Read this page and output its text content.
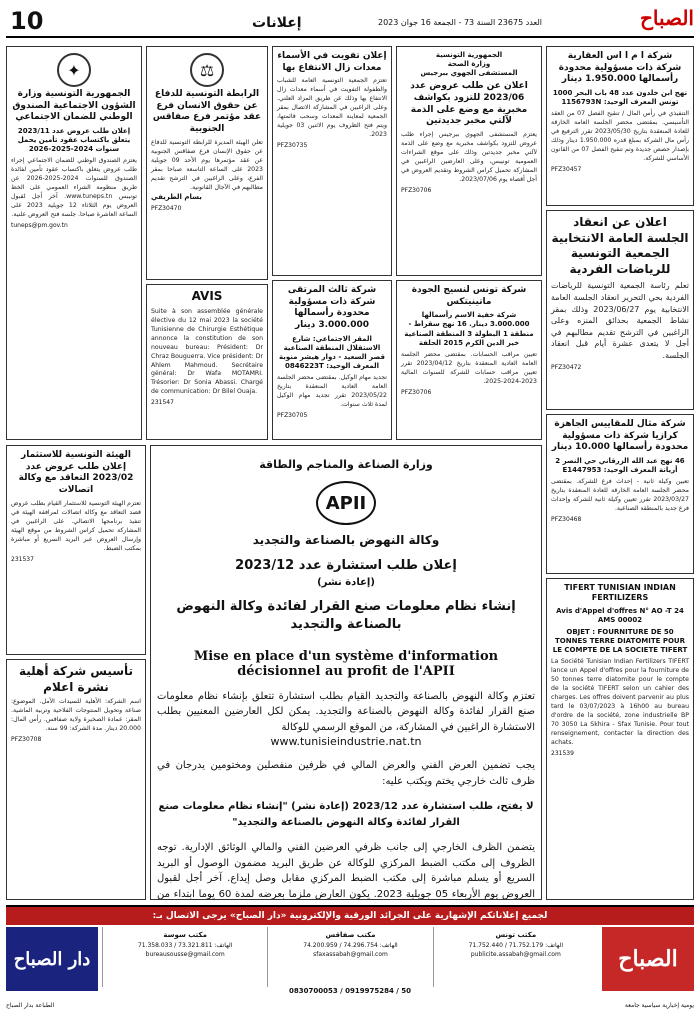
10	إعلانات	العدد 23675 السنة 73 - الجمعة 16 جوان 2023	الصباح
شركة ا م ا اس العقارية
شركة ذات مسؤولية محدودة رأسمالها 1.950.000 دينار
نهج ابن خلدون عدد 48 باب البحر 1000 تونس المعرف الوحيد: 1156793N
التنفيذي في رأس المال / تنقيح الفصل 07 من العقد التأسيسي. بمقتضى محضر الجلسة العامة الخارقة للعادة المنعقدة بتاريخ 2023/05/30 تقرر الترفيع في رأس مال الشركة بمبلغ قدره 1.950.000 دينار وذلك بإصدار حصص جديدة وتم تنقيح الفصل 07 من القانون الأساسي للشركة.
PFZ30457
اعلان عن انعقاد الجلسة العامة الانتخابية الجمعية التونسية للرياضات الفردية
تعلم رئاسة الجمعية التونسية للرياضات الفردية بحي التحرير انعقاد الجلسة العامة الانتخابية يوم 2023/06/27 وذلك بمقر نشاط الجمعية بحدائق المنزه وعلى الراغبين في الترشح تقديم مطالبهم في أجل لا يتعدى عشرة أيام قبل انعقاد الجلسة.
PFZ30472
شركة مثال للمقاييس الجاهزة كرازيا شركة ذات مسؤولية محدودة رأسمالها 10.000 دينار
46 نهج عبد الله الزرقاني حي النصر 2 أريانة المعرف الوحيد: E1447953
تعيين وكيلة ثانية - إحداث فرع للشركة. بمقتضى محضر الجلسة العامة الخارقة للعادة المنعقدة بتاريخ 2023/03/27 تقرر تعيين وكيلة ثانية للشركة وإحداث فرع جديد بالمنطقة الصناعية.
PFZ30468
TIFERT TUNISIAN INDIAN FERTILIZERS
Avis d'Appel d'offres N° AO -T 24 AMS 00002
OBJET : FOURNITURE DE 50 TONNES TERRE DIATOMITE POUR LE COMPTE DE LA SOCIETE TIFERT
La Société Tunisian Indian Fertilizers TIFERT lance un Appel d'offres pour la fourniture de 50 tonnes terre diatomite pour le compte de la société TIFERT selon un cahier des charges. Les offres doivent parvenir au plus tard le 03/07/2023 à 16h00 au bureau d'ordre de la société, zone industrielle BP 70 3050 La Skhira - Sfax Tunisie. Pour tout renseignement, contacter la direction des achats.
231539
الجمهورية التونسية
وزارة الصحة
المستشفى الجهوي ببرجيس
اعلان عن طلب عروض عدد 2023/06 للتزود بكواشف مخبرية مع وضع على الذمة لآلتي مخبر جديدتين
يعتزم المستشفى الجهوي ببرجيس إجراء طلب عروض للتزود بكواشف مخبرية مع وضع على الذمة لآلتي مخبر جديدتين وذلك على موقع الشراءات العمومية تونيبس، وعلى العارضين الراغبين في المشاركة تحميل كراس الشروط وتقديم العروض في أجل أقصاه يوم 2023/07/06.
PFZ30706
شركة تونس لنسيج الجودة ماتينيتكس
شركة خفية الاسم رأسمالها 3.000.000 دينار. 16 نهج سقراط - منطقة 1 البطولة 3 المنطقة الصناعية خير الدين الكرم 2015 الحلفة
تعيين مراقب الحسابات. بمقتضى محضر الجلسة العامة العادية المنعقدة بتاريخ 2023/04/12 تقرر تعيين مراقب حسابات للشركة للسنوات المالية 2023-2024-2025.
PFZ30706
إعلان تفويت في الأسماء معدات زال الانتفاع بها
تعتزم الجمعية التونسية العامة للشباب والطفولة التفويت في أسماء معدات زال الانتفاع بها وذلك عن طريق المزاد العلني. وعلى الراغبين في المشاركة الاتصال بمقر الجمعية لمعاينة المعدات وسحب قائمتها، ويتم فتح الظروف يوم الاثنين 03 جويلية 2023.
PFZ30735
شركة ثالث المرتقى شركة ذات مسؤولية محدودة رأسمالها 3.000.000 دينار
المقر الاجتماعي: شارع الاستقلال المنطقة الصناعية قصر السعيد - دوار هيشر منوبة المعرف الوحيد: 0846223T
تجديد مهام الوكيل. بمقتضى محضر الجلسة العامة العادية المنعقدة بتاريخ 2023/05/22 تقرر تجديد مهام الوكيل لمدة ثلاث سنوات.
PFZ30705
⚖
الرابطة التونسية للدفاع عن حقوق الانسان فرع عقد مؤتمر فرع صفاقس الجنوبية
تعلن الهيئة المديرة للرابطة التونسية للدفاع عن حقوق الإنسان فرع صفاقس الجنوبية عن عقد مؤتمرها يوم الأحد 09 جويلية 2023 على الساعة التاسعة صباحا بمقر الفرع، وعلى الراغبين في الترشح تقديم مطالبهم في الآجال القانونية.
بسام الطريفي
PFZ30470
AVIS
Suite à son assemblée générale élective du 12 mai 2023 la société Tunisienne de Chirurgie Esthétique annonce la constitution de son nouveau bureau: Président: Dr Chraz Bouguerra. Vice président: Dr Ahlem Mahmoud. Secrétaire général: Dr Wafa MOTAMRI. Trésorier: Dr Sonia Abassi. Chargé de communication: Dr Bilel Ouaja.
231547
✦
الجمهورية التونسية وزارة الشؤون الاجتماعية الصندوق الوطني للضمان الاجتماعي
إعلان طلب عروض عدد 2023/11 يتعلق باكتساب عقود تأمين يحمل سنوات 2024-2025-2026
يعتزم الصندوق الوطني للضمان الاجتماعي إجراء طلب عروض يتعلق باكتساب عقود تأمين لفائدة الصندوق للسنوات 2024-2025-2026 عن طريق منظومة الشراء العمومي على الخط تونيبس www.tuneps.tn. آخر أجل لقبول العروض يوم الثلاثاء 12 جويلية 2023 على الساعة العاشرة صباحا. جلسة فتح العروض علنية.
tuneps@pm.gov.tn
الهيئة التونسية للاستثمار إعلان طلب عروض عدد 2023/02 التعاقد مع وكالة اتصالات
تعتزم الهيئة التونسية للاستثمار القيام بطلب عروض قصد التعاقد مع وكالة اتصالات لمرافقة الهيئة في تنفيذ برنامجها الاتصالي. على الراغبين في المشاركة تحميل كراس الشروط من موقع الهيئة وإرسال العروض عبر البريد السريع أو مباشرة بمكتب الضبط.
231537
تأسيس شركة أهلية نشرة اعلام
اسم الشركة: الأهلية للسيدات الأمل. الموضوع: صناعة وتحويل المنتوجات الفلاحية وتربية الماشية. المقر: عمادة الصخيرة ولاية صفاقس. رأس المال: 20.000 دينار. مدة الشركة: 99 سنة.
PFZ30708
وزارة الصناعة والمناجم والطاقة
APII
وكالة النهوض بالصناعة والتجديد
إعلان طلب استشارة عدد 2023/12
(إعادة نشر)
إنشاء نظام معلومات صنع القرار لفائدة وكالة النهوض بالصناعة والتجديد
Mise en place d'un système d'information décisionnel au profit de l'APII
تعتزم وكالة النهوض بالصناعة والتجديد القيام بطلب استشارة تتعلق بإنشاء نظام معلومات صنع القرار لفائدة وكالة النهوض بالصناعة والتجديد. يمكن لكل العارضين المعنيين بطلب الاستشارة الراغبين في المشاركة، من الموقع الرسمي للوكالة
www.tunisieindustrie.nat.tn
يجب تضمين العرض الفني والعرض المالي في ظرفين منفصلين ومختومين يدرجان في ظرف ثالث خارجي يختم ويكتب عليه:
لا يفتح، طلب استشارة عدد 2023/12 (إعادة نشر) "إنشاء نظام معلومات صنع القرار لفائدة وكالة النهوض بالصناعة والتجديد"
يتضمن الظرف الخارجي إلى جانب ظرفي العرضين الفني والمالي الوثائق الإدارية. توجه الظروف إلى مكتب الضبط المركزي للوكالة عن طريق البريد مضمون الوصول أو البريد السريع أو يسلم مباشرة إلى مكتب الضبط المركزي مقابل وصل إيداع. آخر أجل لقبول العروض يوم الأربعاء 05 جويلية 2023. يكون العارض ملزما بعرضه لمدة 60 يوما ابتداء من
لجميع إعلاناتكم الإشهارية على الجرائد الورقية والإلكترونية «دار الصباح» يرجى الاتصال بـ:
الصباح
دار الصباح
مكتب تونس
الهاتف: 71.752.179 / 71.752.440
publicite.assabah@gmail.com
مكتب صفاقس
الهاتف: 74.296.754 / 74.200.959
sfaxassabah@gmail.com
مكتب سوسة
الهاتف: 73.321.811 / 71.358.033
bureausousse@gmail.com
0830700053 / 0919975284 / 50
يومية إخبارية سياسية جامعة
الطباعة بدار الصباح
